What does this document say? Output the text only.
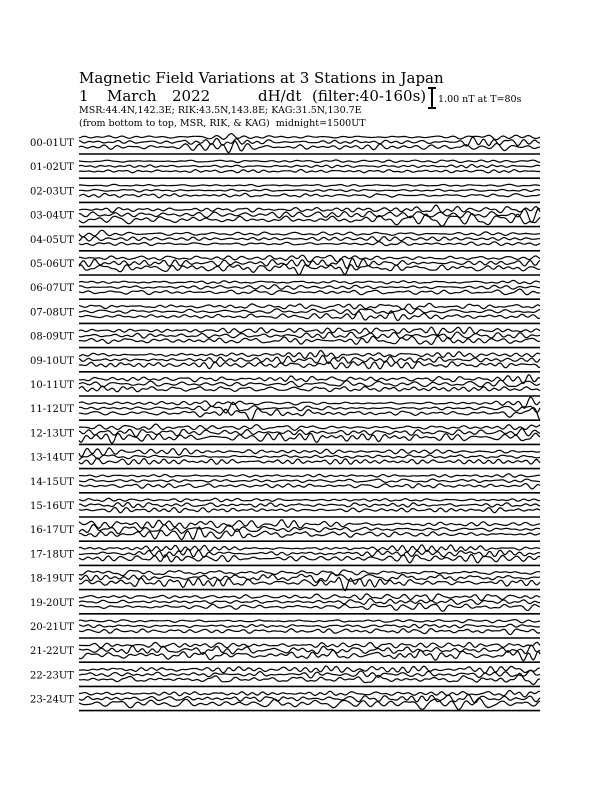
Magnetic Field Variations at 3 Stations in Japan
1 March 2022	dH/dt (filter:40-160s)
MSR:44.4N,142.3E; RIK:43.5N,143.8E; KAG:31.5N,130.7E
(from bottom to top, MSR, RIK, & KAG) midnight=1500UT
1.00 nT at T=80s
00-01UT
01-02UT
02-03UT
03-04UT
04-05UT
05-06UT
06-07UT
07-08UT
08-09UT
09-10UT
10-11UT
11-12UT
12-13UT
13-14UT
14-15UT
15-16UT
16-17UT
17-18UT
18-19UT
19-20UT
20-21UT
21-22UT
22-23UT
23-24UT
